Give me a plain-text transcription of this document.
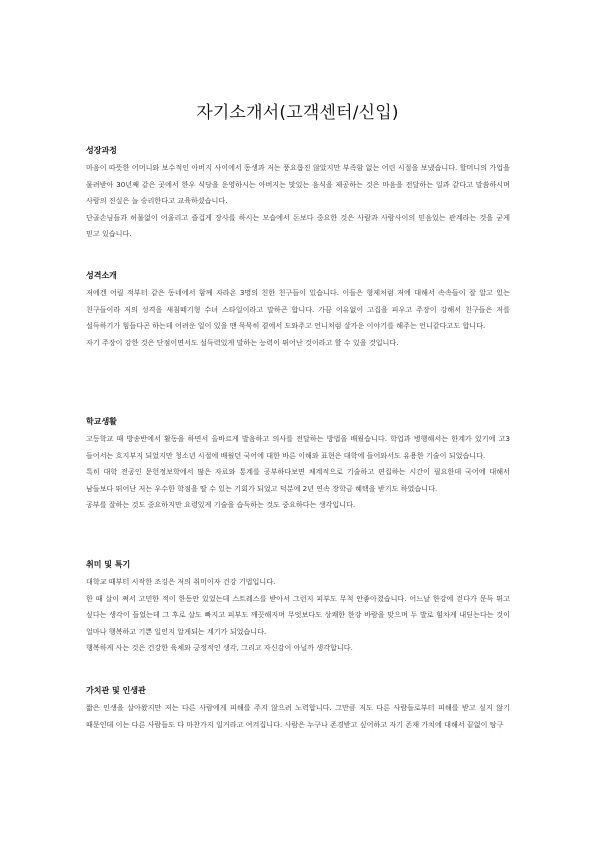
자기소개서(고객센터/신입)

성장과정

마음이 따뜻한 어머니와 보수적인 아버지 사이에서 동생과 저는 풍요롭진 않았지만 부족함 없는 어린 시절을 보냈습니다. 할머니의 가업을 물려받아 30년째 같은 곳에서 한우 식당을 운영하시는 아버지는 맛있는 음식을 제공하는 것은 마음을 전달하는 일과 같다고 말씀하시며 사람의 진실은 늘 승리한다고 교육하셨습니다.

단골손님들과 허물없이 어울리고 즐겁게 장사를 하시는 모습에서 돈보다 중요한 것은 사람과 사람사이의 믿음있는 관계라는 것을 굳게 믿고 있습니다.

성격소개

저에겐 어릴 적부터 같은 동네에서 함께 자라온 3명의 친한 친구들이 있습니다. 이들은 형제처럼 저에 대해서 속속들이 잘 알고 있는 친구들이라 저의 성격을 새침떼기형 수녀 스타일이라고 말하곤 합니다. 가끔 이유없이 고집을 피우고 주장이 강해서 친구들은 저를 설득하기가 힘들다곤 하는데 어려운 일이 있을 땐 묵묵히 곁에서 도와주고 언니처럼 살가운 이야기를 해주는 언니같다고도 합니다.

자기 주장이 강한 것은 단점이면서도 설득력있게 말하는 능력이 뛰어난 것이라고 할 수 있을 것입니다.

학교생활

고등학교 때 방송반에서 활동을 하면서 올바르게 발음하고 의사를 전달하는 방법을 배웠습니다. 학업과 병행해서는 한계가 있기에 고3 들어서는 흐지부지 되었지만 청소년 시절에 배웠던 국어에 대한 바른 이해와 표현은 대학에 들어와서도 유용한 기술이 되었습니다.

특히 대학 전공인 문헌정보학에서 많은 자료와 통계를 공부하다보면 체계적으로 기술하고 편집하는 시간이 필요한데 국어에 대해서 남들보다 뛰어난 저는 우수한 학점을 딸 수 있는 기회가 되었고 덕분에 2년 연속 장학금 혜택을 받기도 하였습니다.

공부를 잘하는 것도 중요하지만 요령있게 기술을 습득하는 것도 중요하다는 생각입니다.

취미 및 특기

대학교 때부터 시작한 조깅은 저의 취미이자 건강 기법입니다.

한 때 살이 쪄서 고민한 적이 한동안 있었는데 스트레스를 받아서 그런지 피부도 무척 안좋아졌습니다. 어느날 한강에 걷다가 문득 뛰고 싶다는 생각이 들었는데 그 후로 살도 빠지고 피부도 깨끗해지며 무엇보다도 상쾌한 한강 바람을 맞으며 두 발로 힘차게 내딛는다는 것이 얼마나 행복하고 기쁜 일인지 알게되는 계기가 되었습니다.

행복하게 사는 것은 건강한 육체와 긍정적인 생각, 그리고 자신감이 아닐까 생각합니다.

가치관 및 인생관

짧은 인생을 살아왔지만 저는 다른 사람에게 피해를 주지 않으려 노력합니다. 그만큼 저도 다른 사람들로부터 피해를 받고 싶지 않기 때문인데 이는 다른 사람들도 다 마찬가지 일거라고 여겨집니다. 사람은 누구나 존경받고 싶어하고 자기 존재 가치에 대해서 끝없이 탐구
